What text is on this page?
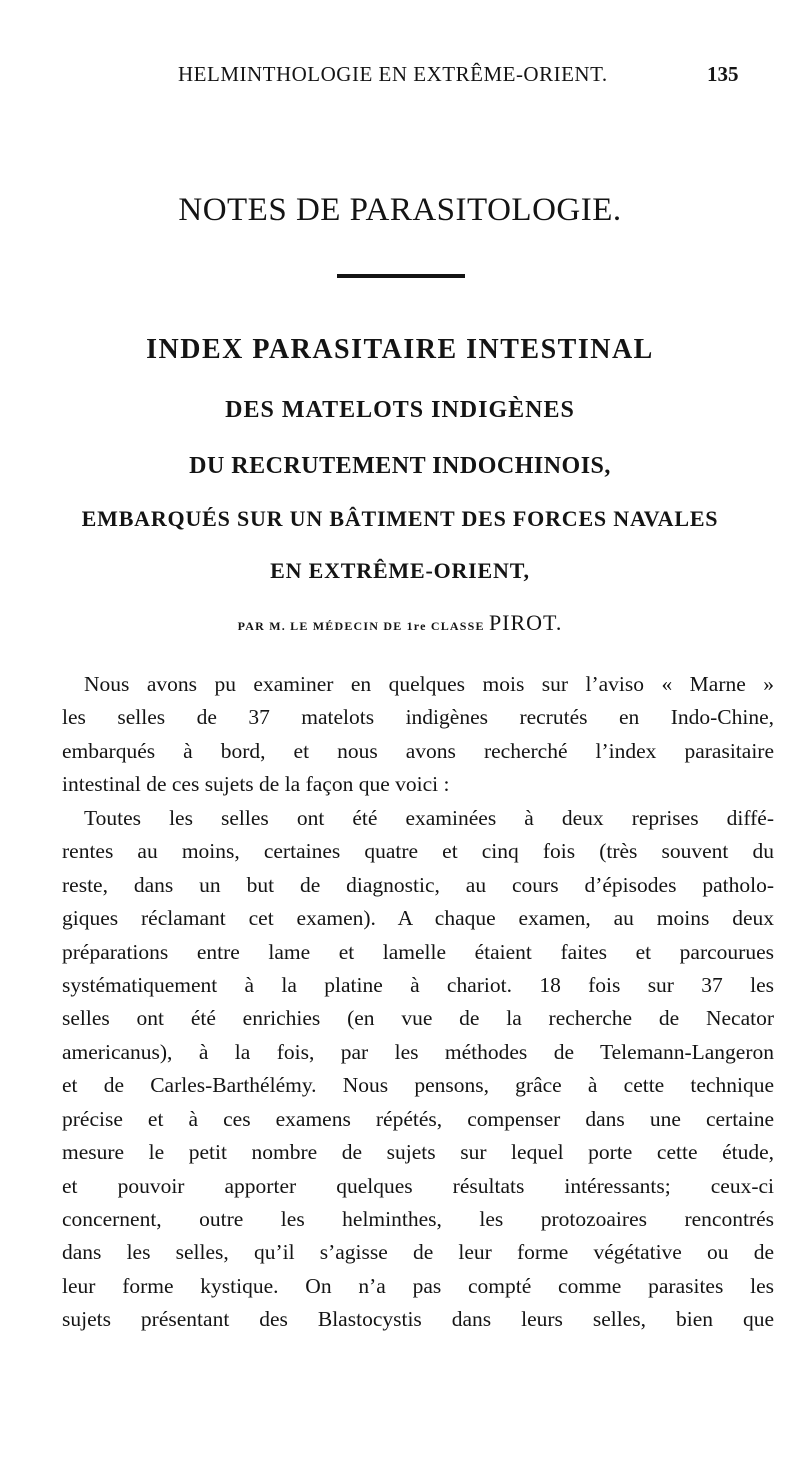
HELMINTHOLOGIE EN EXTRÊME-ORIENT.	135
NOTES DE PARASITOLOGIE.
INDEX PARASITAIRE INTESTINAL
DES MATELOTS INDIGÈNES
DU RECRUTEMENT INDOCHINOIS,
EMBARQUÉS SUR UN BÂTIMENT DES FORCES NAVALES
EN EXTRÊME-ORIENT,
PAR M. LE MÉDECIN DE 1re CLASSE PIROT.
Nous avons pu examiner en quelques mois sur l’aviso « Marne »
les selles de 37 matelots indigènes recrutés en Indo-Chine,
embarqués à bord, et nous avons recherché l’index parasitaire
intestinal de ces sujets de la façon que voici :
Toutes les selles ont été examinées à deux reprises diffé-
rentes au moins, certaines quatre et cinq fois (très souvent du
reste, dans un but de diagnostic, au cours d’épisodes patholo-
giques réclamant cet examen). A chaque examen, au moins deux
préparations entre lame et lamelle étaient faites et parcourues
systématiquement à la platine à chariot. 18 fois sur 37 les
selles ont été enrichies (en vue de la recherche de Necator
americanus), à la fois, par les méthodes de Telemann-Langeron
et de Carles-Barthélémy. Nous pensons, grâce à cette technique
précise et à ces examens répétés, compenser dans une certaine
mesure le petit nombre de sujets sur lequel porte cette étude,
et pouvoir apporter quelques résultats intéressants; ceux-ci
concernent, outre les helminthes, les protozoaires rencontrés
dans les selles, qu’il s’agisse de leur forme végétative ou de
leur forme kystique. On n’a pas compté comme parasites les
sujets présentant des Blastocystis dans leurs selles, bien que
